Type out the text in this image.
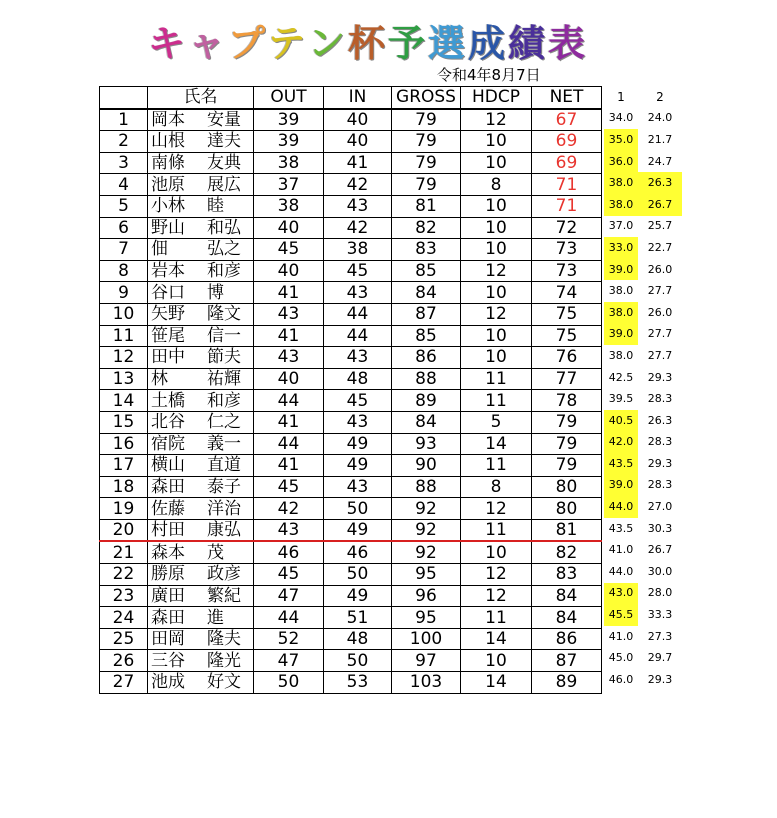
キャプテン杯予選成績表
令和4年8月7日
	氏名	OUT	IN	GROSS	HDCP	NET
1	岡本 安量	39	40	79	12	67
2	山根 達夫	39	40	79	10	69
3	南條 友典	38	41	79	10	69
4	池原 展広	37	42	79	8	71
5	小林 睦	38	43	81	10	71
6	野山 和弘	40	42	82	10	72
7	佃 弘之	45	38	83	10	73
8	岩本 和彦	40	45	85	12	73
9	谷口 博	41	43	84	10	74
10	矢野 隆文	43	44	87	12	75
11	笹尾 信一	41	44	85	10	75
12	田中 節夫	43	43	86	10	76
13	林 祐輝	40	48	88	11	77
14	土橋 和彦	44	45	89	11	78
15	北谷 仁之	41	43	84	5	79
16	宿院 義一	44	49	93	14	79
17	横山 直道	41	49	90	11	79
18	森田 泰子	45	43	88	8	80
19	佐藤 洋治	42	50	92	12	80
20	村田 康弘	43	49	92	11	81
21	森本 茂	46	46	92	10	82
22	勝原 政彦	45	50	95	12	83
23	廣田 繁紀	47	49	96	12	84
24	森田 進	44	51	95	11	84
25	田岡 隆夫	52	48	100	14	86
26	三谷 隆光	47	50	97	10	87
27	池成 好文	50	53	103	14	89
1	2
34.0	24.0
35.0	21.7
36.0	24.7
38.0	26.3
38.0	26.7
37.0	25.7
33.0	22.7
39.0	26.0
38.0	27.7
38.0	26.0
39.0	27.7
38.0	27.7
42.5	29.3
39.5	28.3
40.5	26.3
42.0	28.3
43.5	29.3
39.0	28.3
44.0	27.0
43.5	30.3
41.0	26.7
44.0	30.0
43.0	28.0
45.5	33.3
41.0	27.3
45.0	29.7
46.0	29.3
